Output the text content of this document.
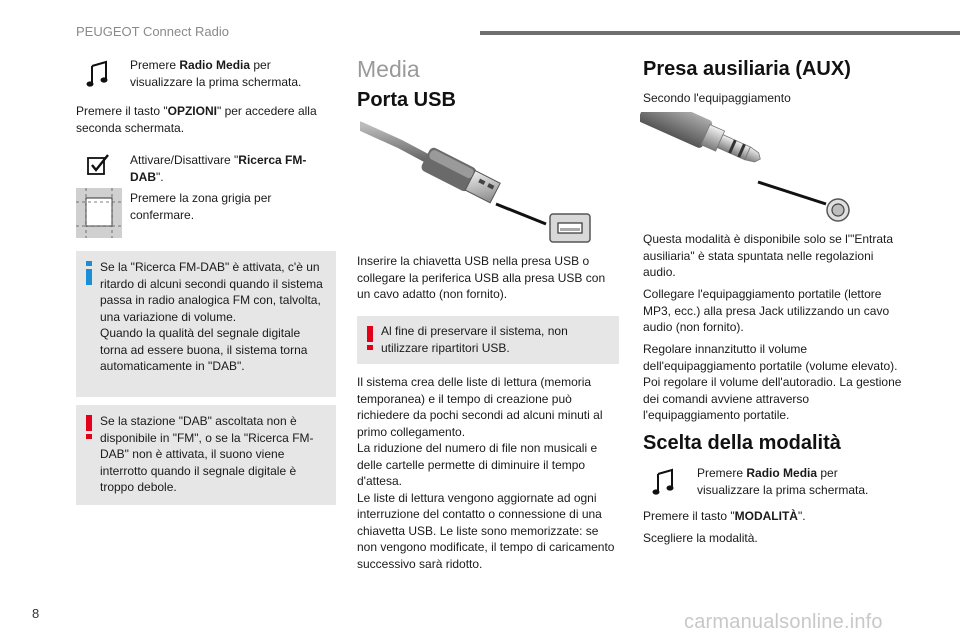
PEUGEOT Connect Radio
Premere Radio Media per visualizzare la prima schermata.
Premere il tasto "OPZIONI" per accedere alla seconda schermata.
Attivare/Disattivare "Ricerca FM-DAB".
Premere la zona grigia per confermare.
Se la "Ricerca FM-DAB" è attivata, c'è un ritardo di alcuni secondi quando il sistema passa in radio analogica FM con, talvolta, una variazione di volume.
Quando la qualità del segnale digitale torna ad essere buona, il sistema torna automaticamente in "DAB".
Se la stazione "DAB" ascoltata non è disponibile in "FM", o se la "Ricerca FM-DAB" non è attivata, il suono viene interrotto quando il segnale digitale è troppo debole.
Media
Porta USB
Inserire la chiavetta USB nella presa USB o collegare la periferica USB alla presa USB con un cavo adatto (non fornito).
Al fine di preservare il sistema, non utilizzare ripartitori USB.
Il sistema crea delle liste di lettura (memoria temporanea) e il tempo di creazione può richiedere da pochi secondi ad alcuni minuti al primo collegamento.
La riduzione del numero di file non musicali e delle cartelle permette di diminuire il tempo d'attesa.
Le liste di lettura vengono aggiornate ad ogni interruzione del contatto o connessione di una chiavetta USB. Le liste sono memorizzate: se non vengono modificate, il tempo di caricamento successivo sarà ridotto.
Presa ausiliaria (AUX)
Secondo l'equipaggiamento
Questa modalità è disponibile solo se l'"Entrata ausiliaria" è stata spuntata nelle regolazioni audio.
Collegare l'equipaggiamento portatile (lettore MP3, ecc.) alla presa Jack utilizzando un cavo audio (non fornito).
Regolare innanzitutto il volume dell'equipaggiamento portatile (volume elevato). Poi regolare il volume dell'autoradio. La gestione dei comandi avviene attraverso l'equipaggiamento portatile.
Scelta della modalità
Premere Radio Media per visualizzare la prima schermata.
Premere il tasto "MODALITÀ".
Scegliere la modalità.
8	carmanualsonline.info
